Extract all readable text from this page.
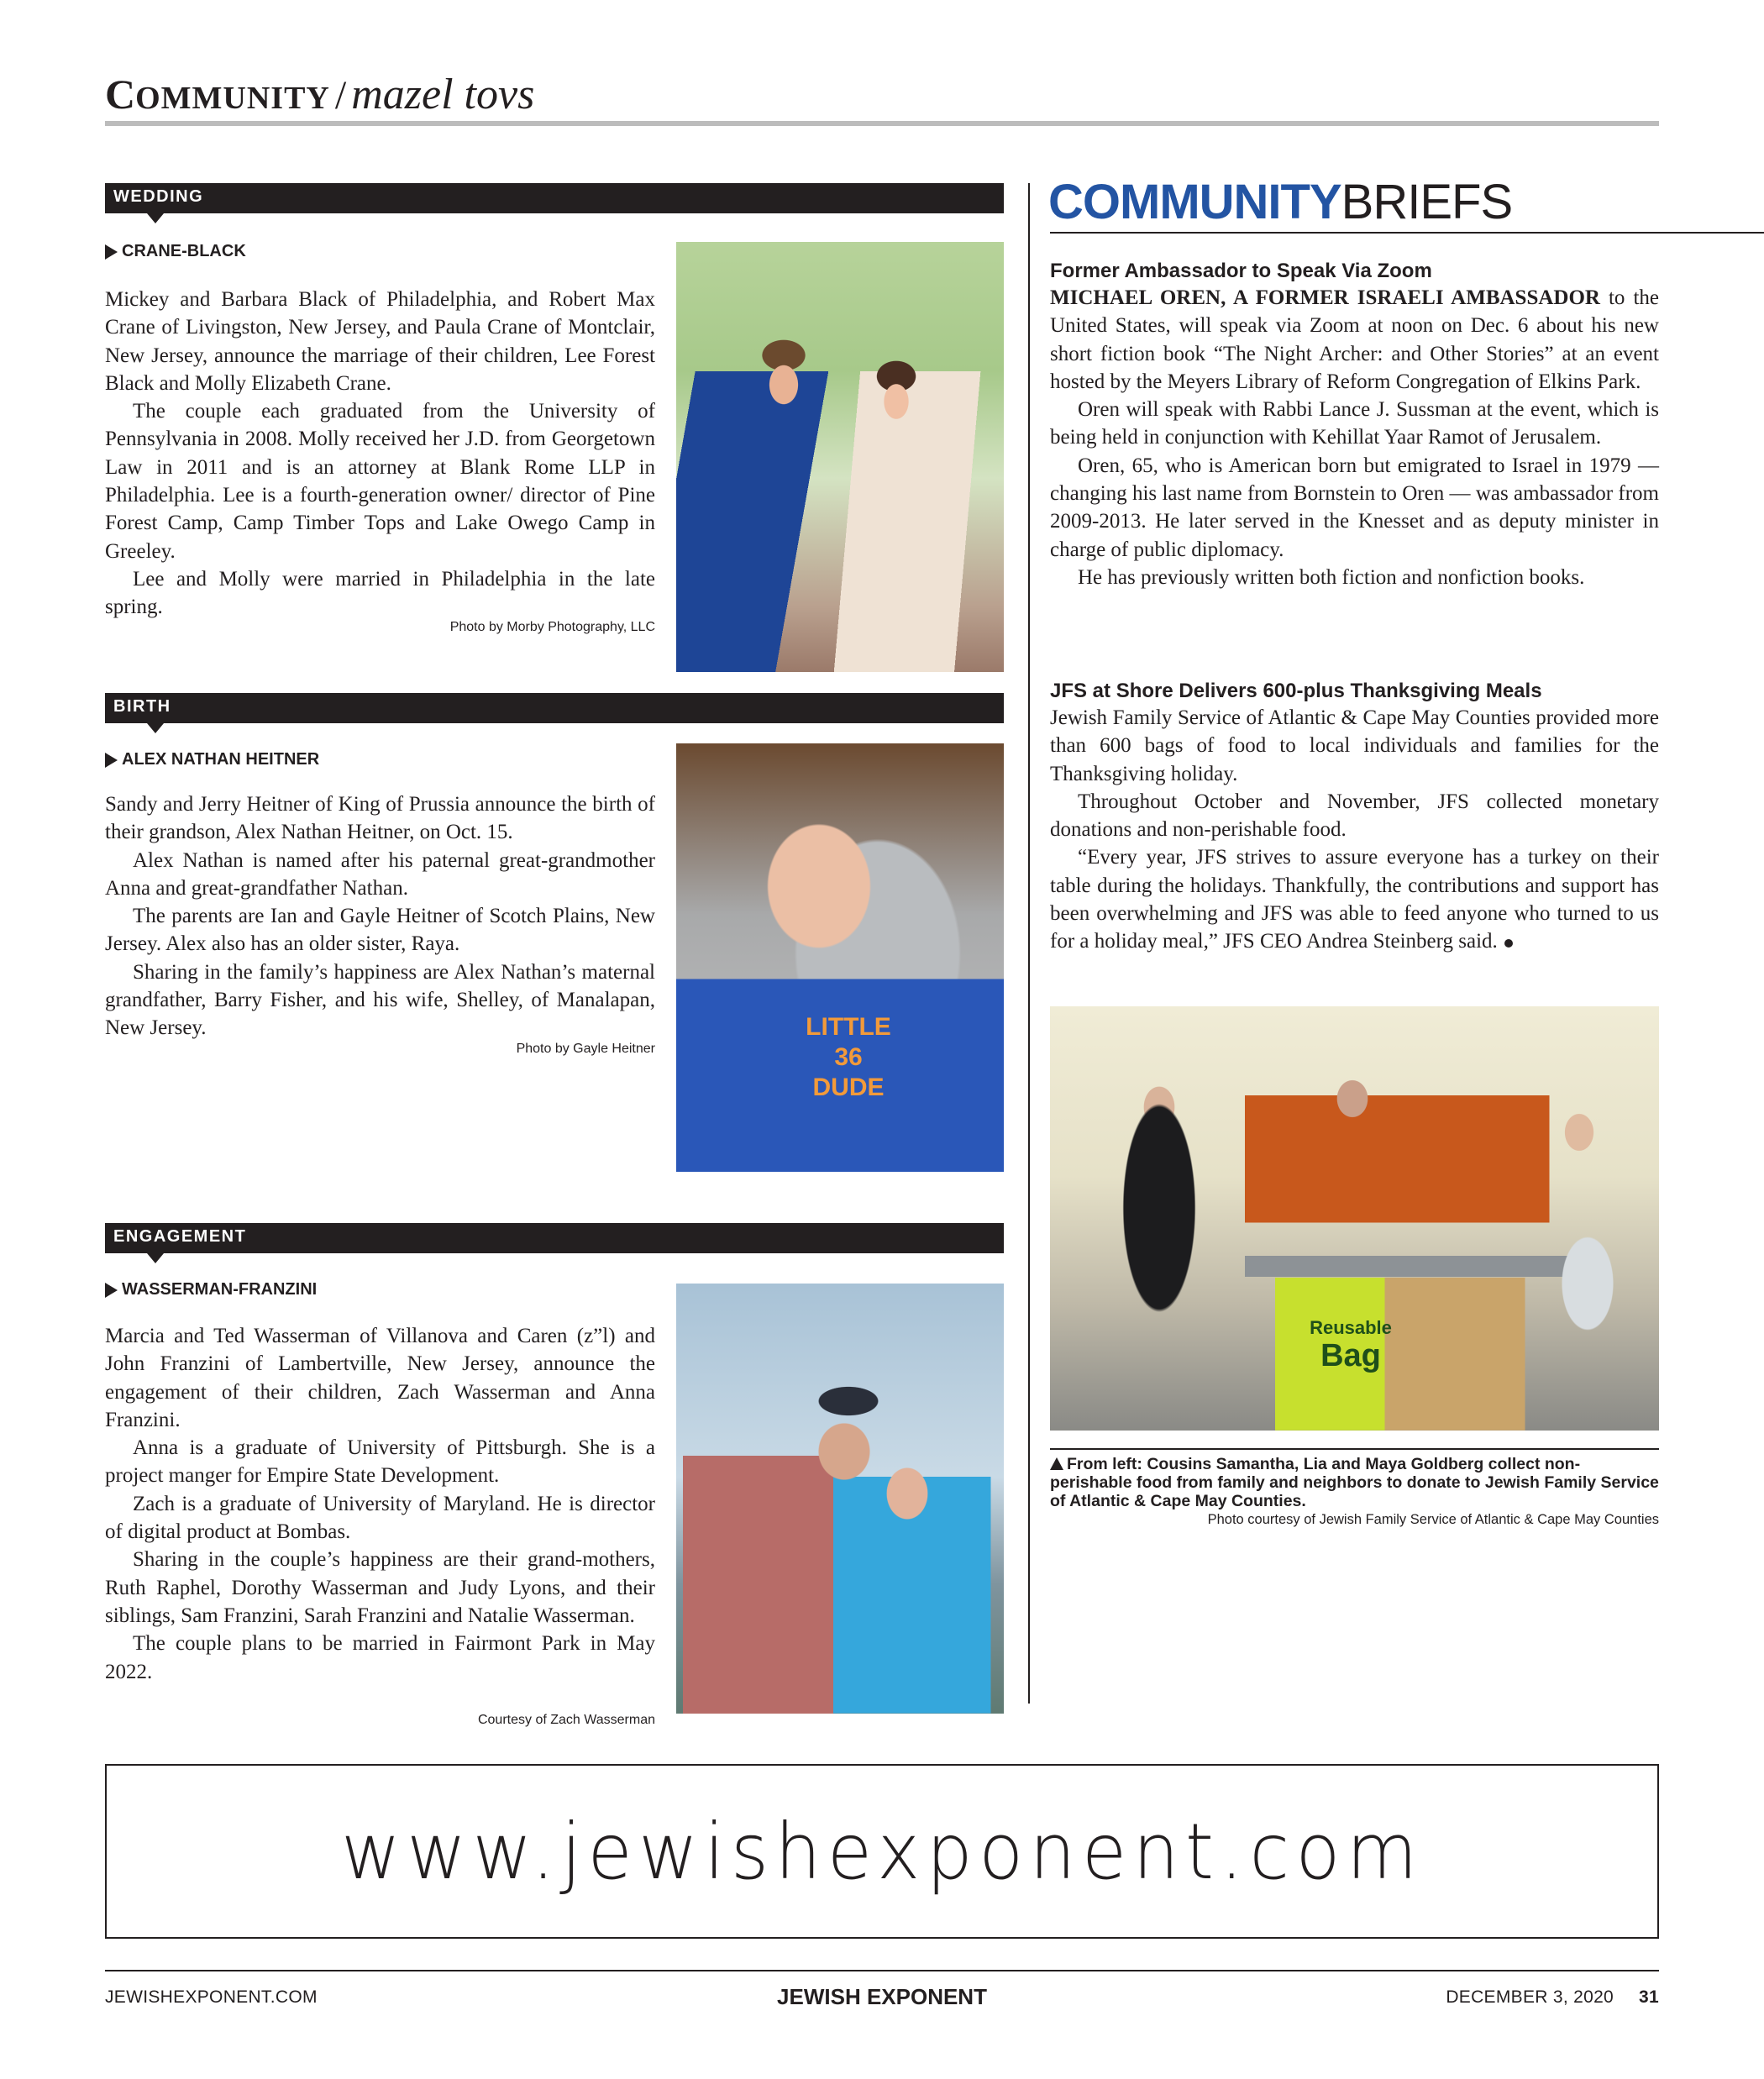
COMMUNITY / mazel tovs
WEDDING
CRANE-BLACK

Mickey and Barbara Black of Philadelphia, and Robert Max Crane of Livingston, New Jersey, and Paula Crane of Montclair, New Jersey, announce the marriage of their children, Lee Forest Black and Molly Elizabeth Crane.

The couple each graduated from the University of Pennsylvania in 2008. Molly received her J.D. from Georgetown Law in 2011 and is an attorney at Blank Rome LLP in Philadelphia. Lee is a fourth-generation owner/ director of Pine Forest Camp, Camp Timber Tops and Lake Owego Camp in Greeley.

Lee and Molly were married in Philadelphia in the late spring.

Photo by Morby Photography, LLC
BIRTH
ALEX NATHAN HEITNER

Sandy and Jerry Heitner of King of Prussia announce the birth of their grandson, Alex Nathan Heitner, on Oct. 15.

Alex Nathan is named after his paternal great-grandmother Anna and great-grandfather Nathan.

The parents are Ian and Gayle Heitner of Scotch Plains, New Jersey. Alex also has an older sister, Raya.

Sharing in the family’s happiness are Alex Nathan’s maternal grandfather, Barry Fisher, and his wife, Shelley, of Manalapan, New Jersey.

Photo by Gayle Heitner
LITTLE
36
DUDE
ENGAGEMENT
WASSERMAN-FRANZINI

Marcia and Ted Wasserman of Villanova and Caren (z”l) and John Franzini of Lambertville, New Jersey, announce the engagement of their children, Zach Wasserman and Anna Franzini.

Anna is a graduate of University of Pittsburgh. She is a project manger for Empire State Development.

Zach is a graduate of University of Maryland. He is director of digital product at Bombas.

Sharing in the couple’s happiness are their grand-mothers, Ruth Raphel, Dorothy Wasserman and Judy Lyons, and their siblings, Sam Franzini, Sarah Franzini and Natalie Wasserman.

The couple plans to be married in Fairmont Park in May 2022.

Courtesy of Zach Wasserman
COMMUNITYBRIEFS
Former Ambassador to Speak Via Zoom

MICHAEL OREN, A FORMER ISRAELI AMBASSADOR to the United States, will speak via Zoom at noon on Dec. 6 about his new short fiction book “The Night Archer: and Other Stories” at an event hosted by the Meyers Library of Reform Congregation of Elkins Park.

Oren will speak with Rabbi Lance J. Sussman at the event, which is being held in conjunction with Kehillat Yaar Ramot of Jerusalem.

Oren, 65, who is American born but emigrated to Israel in 1979 — changing his last name from Bornstein to Oren — was ambassador from 2009-2013. He later served in the Knesset and as deputy minister in charge of public diplomacy.

He has previously written both fiction and nonfiction books.

JFS at Shore Delivers 600-plus Thanksgiving Meals

Jewish Family Service of Atlantic & Cape May Counties provided more than 600 bags of food to local individuals and families for the Thanksgiving holiday.

Throughout October and November, JFS collected monetary donations and non-perishable food.

“Every year, JFS strives to assure everyone has a turkey on their table during the holidays. Thankfully, the contributions and support has been overwhelming and JFS was able to feed anyone who turned to us for a holiday meal,” JFS CEO Andrea Steinberg said.

Reusable
Bag
From left: Cousins Samantha, Lia and Maya Goldberg collect non-perishable food from family and neighbors to donate to Jewish Family Service of Atlantic & Cape May Counties.
Photo courtesy of Jewish Family Service of Atlantic & Cape May Counties
www.jewishexponent.com
JEWISHEXPONENT.COM	JEWISH EXPONENT	DECEMBER 3, 2020 31
